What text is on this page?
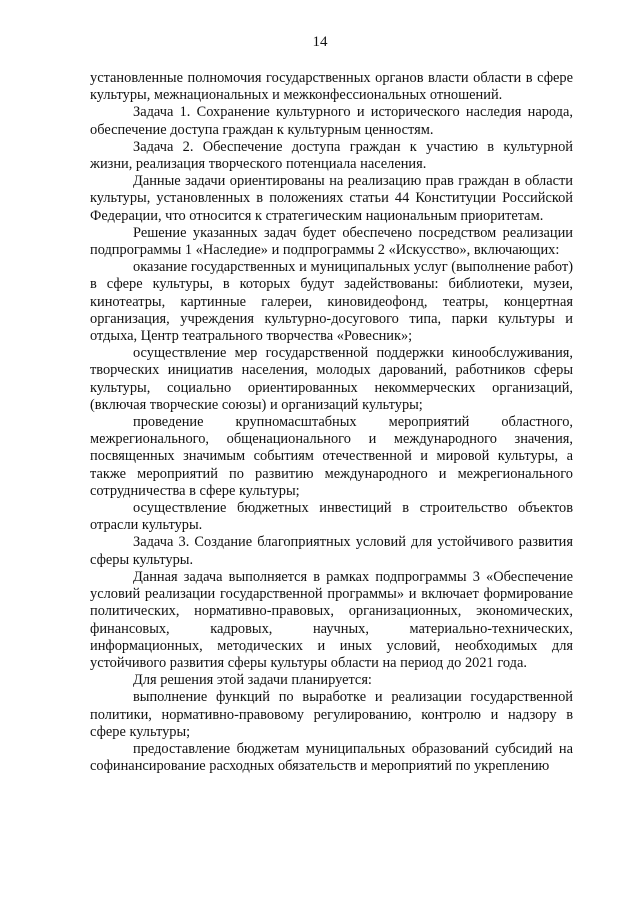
14

установленные полномочия государственных органов власти области в сфере культуры, межнациональных и межконфессиональных отношений.

Задача 1. Сохранение культурного и исторического наследия народа, обеспечение доступа граждан к культурным ценностям.

Задача 2. Обеспечение доступа граждан к участию в культурной жизни, реализация творческого потенциала населения.

Данные задачи ориентированы на реализацию прав граждан в области культуры, установленных в положениях статьи 44 Конституции Российской Федерации, что относится к стратегическим национальным приоритетам.

Решение указанных задач будет обеспечено посредством реализации подпрограммы 1 «Наследие» и подпрограммы 2 «Искусство», включающих:

оказание государственных и муниципальных услуг (выполнение работ) в сфере культуры, в которых будут задействованы: библиотеки, музеи, кинотеатры, картинные галереи, киновидеофонд, театры, концертная организация, учреждения культурно-досугового типа, парки культуры и отдыха, Центр театрального творчества «Ровесник»;

осуществление мер государственной поддержки кинообслуживания, творческих инициатив населения, молодых дарований, работников сферы культуры, социально ориентированных некоммерческих организаций, (включая творческие союзы) и организаций культуры;

проведение крупномасштабных мероприятий областного, межрегионального, общенационального и международного значения, посвященных значимым событиям отечественной и мировой культуры, а также мероприятий по развитию международного и межрегионального сотрудничества в сфере культуры;

осуществление бюджетных инвестиций в строительство объектов отрасли культуры.

Задача 3. Создание благоприятных условий для устойчивого развития сферы культуры.

Данная задача выполняется в рамках подпрограммы 3 «Обеспечение условий реализации государственной программы» и включает формирование политических, нормативно-правовых, организационных, экономических, финансовых, кадровых, научных, материально-технических, информационных, методических и иных условий, необходимых для устойчивого развития сферы культуры области на период до 2021 года.

Для решения этой задачи планируется:

выполнение функций по выработке и реализации государственной политики, нормативно-правовому регулированию, контролю и надзору в сфере культуры;

предоставление бюджетам муниципальных образований субсидий на софинансирование расходных обязательств и мероприятий по укреплению
